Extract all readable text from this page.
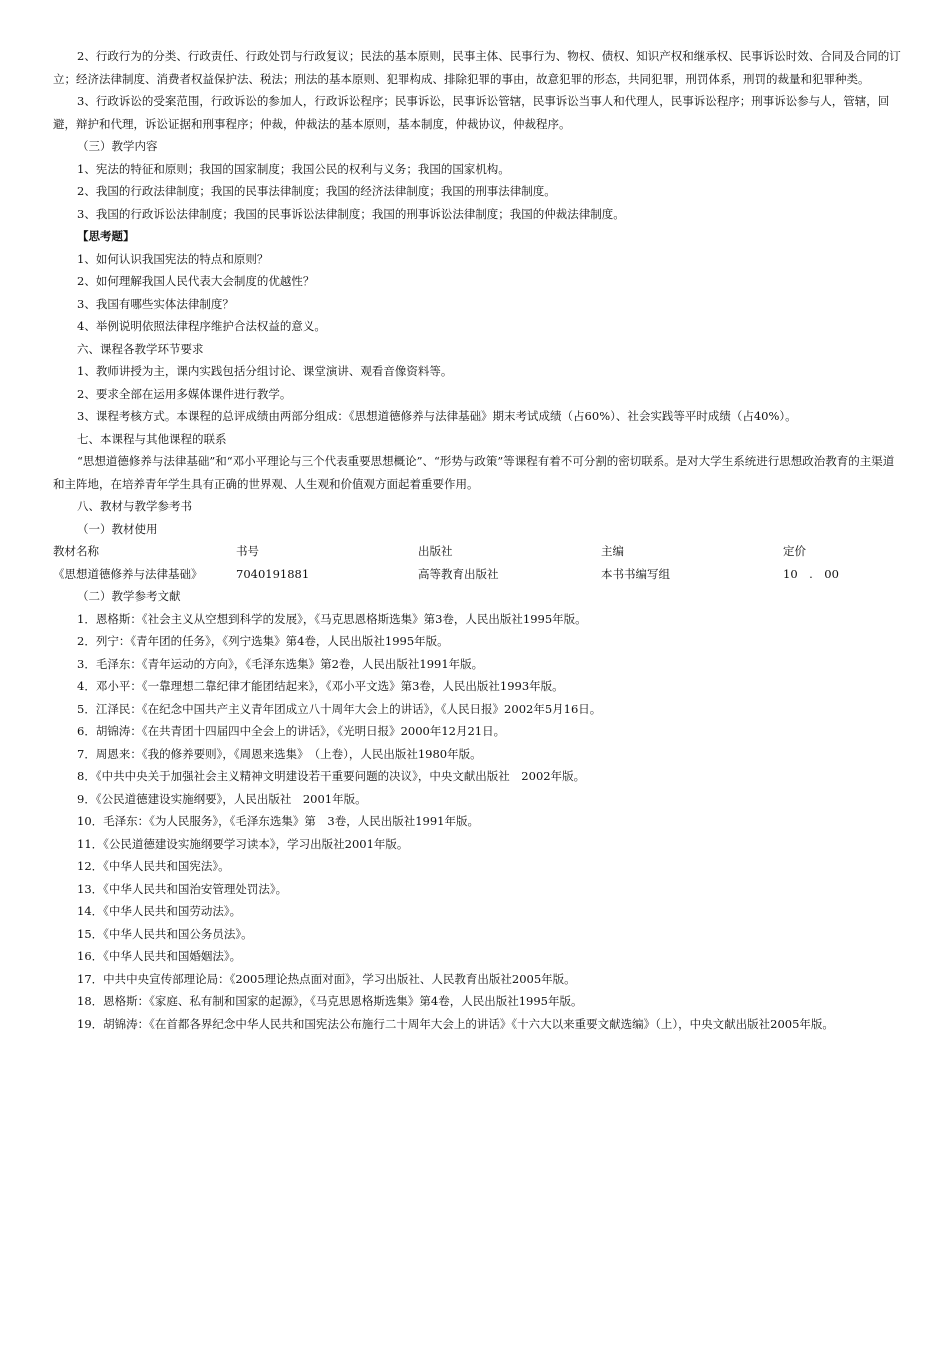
2、行政行为的分类、行政责任、行政处罚与行政复议；民法的基本原则，民事主体、民事行为、物权、债权、知识产权和继承权、民事诉讼时效、合同及合同的订立；经济法律制度、消费者权益保护法、税法；刑法的基本原则、犯罪构成、排除犯罪的事由，故意犯罪的形态，共同犯罪，刑罚体系，刑罚的裁量和犯罪种类。

3、行政诉讼的受案范围，行政诉讼的参加人，行政诉讼程序；民事诉讼，民事诉讼管辖，民事诉讼当事人和代理人，民事诉讼程序；刑事诉讼参与人，管辖，回避，辩护和代理，诉讼证据和刑事程序；仲裁，仲裁法的基本原则，基本制度，仲裁协议，仲裁程序。

（三）教学内容
1、宪法的特征和原则；我国的国家制度；我国公民的权利与义务；我国的国家机构。
2、我国的行政法律制度；我国的民事法律制度；我国的经济法律制度；我国的刑事法律制度。
3、我国的行政诉讼法律制度；我国的民事诉讼法律制度；我国的刑事诉讼法律制度；我国的仲裁法律制度。
【思考题】
1、如何认识我国宪法的特点和原则？
2、如何理解我国人民代表大会制度的优越性？
3、我国有哪些实体法律制度？
4、举例说明依照法律程序维护合法权益的意义。
六、课程各教学环节要求
1、教师讲授为主，课内实践包括分组讨论、课堂演讲、观看音像资料等。
2、要求全部在运用多媒体课件进行教学。

3、课程考核方式。本课程的总评成绩由两部分组成：《思想道德修养与法律基础》期末考试成绩（占60%）、社会实践等平时成绩（占40%）。

七、本课程与其他课程的联系

“思想道德修养与法律基础”和“邓小平理论与三个代表重要思想概论”、“形势与政策”等课程有着不可分割的密切联系。是对大学生系统进行思想政治教育的主渠道和主阵地，在培养青年学生具有正确的世界观、人生观和价值观方面起着重要作用。

八、教材与教学参考书
（一）教材使用
教材名称	书号	出版社	主编	定价
《思想道德修养与法律基础》	7040191881	高等教育出版社	本书书编写组	10　.　00
（二）教学参考文献
1．恩格斯：《社会主义从空想到科学的发展》，《马克思恩格斯选集》第3卷，人民出版社1995年版。
2．列宁：《青年团的任务》，《列宁选集》第4卷，人民出版社1995年版。
3．毛泽东：《青年运动的方向》，《毛泽东选集》第2卷，人民出版社1991年版。
4．邓小平：《一靠理想二靠纪律才能团结起来》，《邓小平文选》第3卷，人民出版社1993年版。
5．江泽民：《在纪念中国共产主义青年团成立八十周年大会上的讲话》，《人民日报》2002年5月16日。
6．胡锦涛：《在共青团十四届四中全会上的讲话》，《光明日报》2000年12月21日。
7．周恩来：《我的修养要则》，《周恩来选集》　（上卷），人民出版社1980年版。
8．《中共中央关于加强社会主义精神文明建设若干重要问题的决议》，中央文献出版社　2002年版。
9．《公民道德建设实施纲要》，人民出版社　2001年版。
10．毛泽东：《为人民服务》，《毛泽东选集》第　3卷，人民出版社1991年版。
11．《公民道德建设实施纲要学习读本》，学习出版社2001年版。
12．《中华人民共和国宪法》。
13．《中华人民共和国治安管理处罚法》。
14．《中华人民共和国劳动法》。
15．《中华人民共和国公务员法》。
16．《中华人民共和国婚姻法》。
17．中共中央宣传部理论局：《2005理论热点面对面》，学习出版社、人民教育出版社2005年版。
18．恩格斯：《家庭、私有制和国家的起源》，《马克思恩格斯选集》第4卷，人民出版社1995年版。

19．胡锦涛：《在首都各界纪念中华人民共和国宪法公布施行二十周年大会上的讲话》《十六大以来重要文献选编》（上），中央文献出版社2005年版。
